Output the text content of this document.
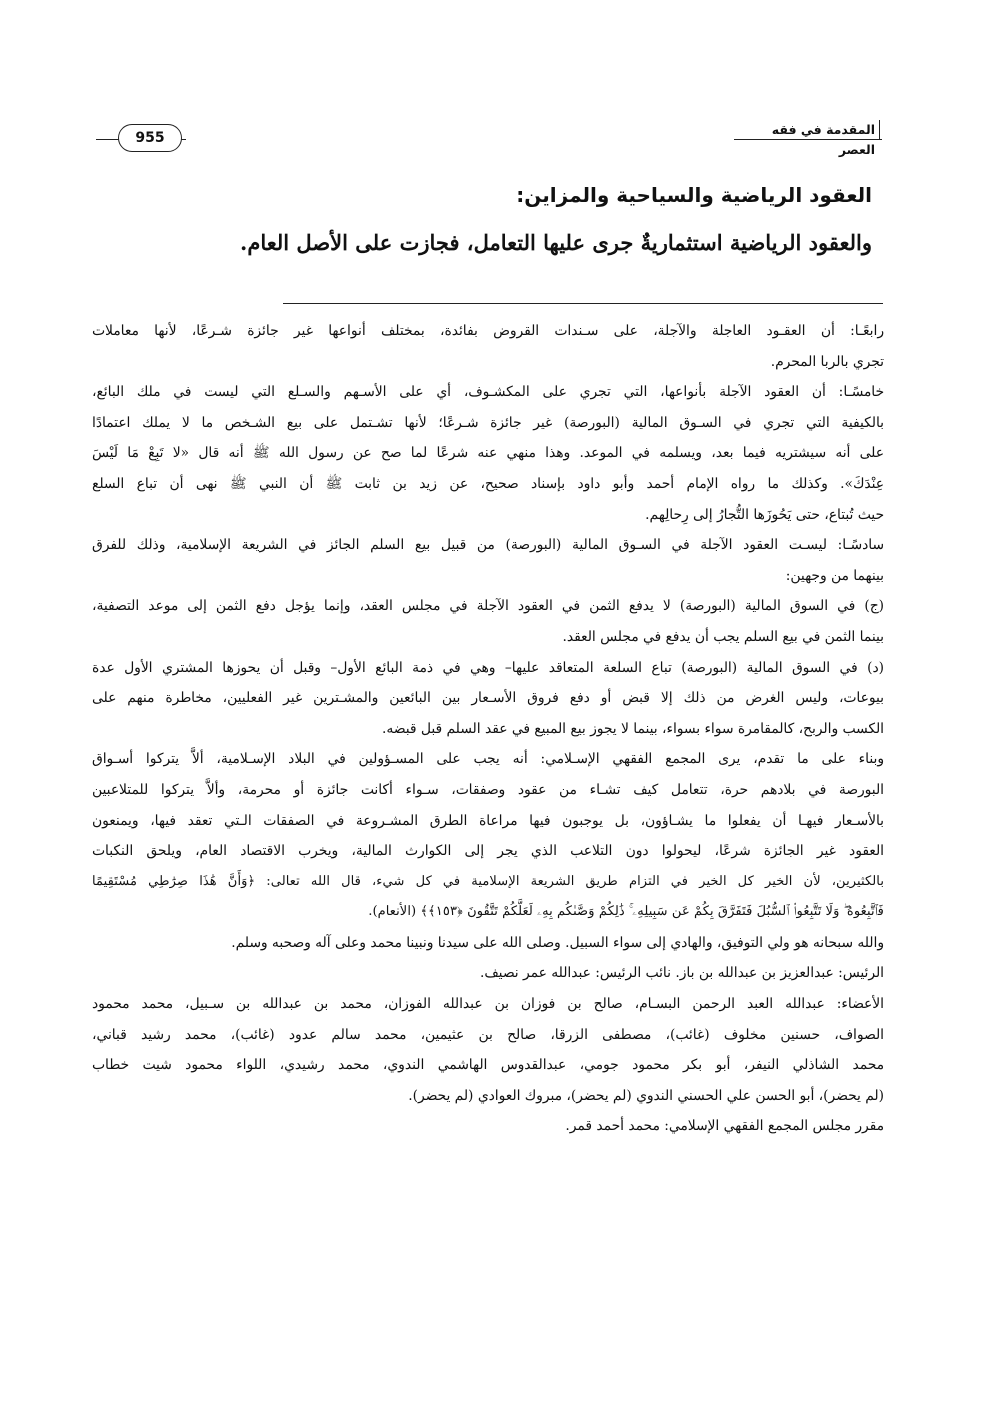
955
المقدمة في فقه العصر
العقود الرياضية والسياحية والمزاين:
والعقود الرياضية استثماريةٌ جرى عليها التعامل، فجازت على الأصل العام.
رابعًـا: أن العقـود العاجلة والآجلة، على سـندات القروض بفائدة، بمختلف أنواعها غير جائزة شـرعًا، لأنها معاملات
تجري بالربا المحرم.
خامسًـا: أن العقود الآجلة بأنواعها، التي تجري على المكشـوف، أي على الأسـهم والسـلع التي ليست في ملك البائع،
بالكيفية التي تجري في السـوق المالية (البورصة) غير جائزة شـرعًا؛ لأنها تشـتمل على بيع الشـخص ما لا يملك اعتمادًا
على أنه سيشتريه فيما بعد، ويسلمه في الموعد. وهذا منهي عنه شرعًا لما صح عن رسول الله ﷺ أنه قال «لا تَبِعْ مَا لَيْسَ
عِنْدَكَ». وكذلك ما رواه الإمام أحمد وأبو داود بإسناد صحيح، عن زيد بن ثابت ﷺ أن النبي ﷺ نهى أن تباع السلع
حيث تُبتاع، حتى يَحُوزَها التُّجارُ إلى رِحالِهم.
سادسًـا: ليسـت العقود الآجلة في السـوق المالية (البورصة) من قبيل بيع السلم الجائز في الشريعة الإسلامية، وذلك للفرق
بينهما من وجهين:
(ج) في السوق المالية (البورصة) لا يدفع الثمن في العقود الآجلة في مجلس العقد، وإنما يؤجل دفع الثمن إلى موعد التصفية،
بينما الثمن في بيع السلم يجب أن يدفع في مجلس العقد.
(د) في السوق المالية (البورصة) تباع السلعة المتعاقد عليها– وهي في ذمة البائع الأول– وقبل أن يحوزها المشتري الأول عدة
بيوعات، وليس الغرض من ذلك إلا قبض أو دفع فروق الأسـعار بين البائعين والمشـترين غير الفعليين، مخاطرة منهم على
الكسب والربح، كالمقامرة سواء بسواء، بينما لا يجوز بيع المبيع في عقد السلم قبل قبضه.
وبناء على ما تقدم، يرى المجمع الفقهي الإسـلامي: أنه يجب على المسـؤولين في البلاد الإسـلامية، ألاَّ يتركوا أسـواق
البورصة في بلادهم حرة، تتعامل كيف تشـاء من عقود وصفقات، سـواء أكانت جائزة أو محرمة، وألاَّ يتركوا للمتلاعبين
بالأسـعار فيهـا أن يفعلوا ما يشـاؤون، بل يوجبون فيها مراعاة الطرق المشـروعة في الصفقات الـتي تعقد فيها، ويمنعون
العقود غير الجائزة شرعًا، ليحولوا دون التلاعب الذي يجر إلى الكوارث المالية، ويخرب الاقتصاد العام، ويلحق النكبات
بالكثيرين، لأن الخير كل الخير في التزام طريق الشريعة الإسلامية في كل شيء، قال الله تعالى: ﴿وَأَنَّ هَٰذَا صِرَٰطِي مُسْتَقِيمًا
فَٱتَّبِعُوهُ ۖ وَلَا تَتَّبِعُوا۟ ٱلسُّبُلَ فَتَفَرَّقَ بِكُمْ عَن سَبِيلِهِۦ ۚ ذَٰلِكُمْ وَصَّىٰكُم بِهِۦ لَعَلَّكُمْ تَتَّقُونَ ﴿١٥٣﴾﴾ (الأنعام).
والله سبحانه هو ولي التوفيق، والهادي إلى سواء السبيل. وصلى الله على سيدنا ونبينا محمد وعلى آله وصحبه وسلم.
الرئيس: عبدالعزيز بن عبدالله بن باز. نائب الرئيس: عبدالله عمر نصيف.
الأعضاء: عبدالله العبد الرحمن البسـام، صالح بن فوزان بن عبدالله الفوزان، محمد بن عبدالله بن سـبيل، محمد محمود
الصواف، حسنين مخلوف (غائب)، مصطفى الزرقا، صالح بن عثيمين، محمد سالم عدود (غائب)، محمد رشيد قباني،
محمد الشاذلي النيفر، أبو بكر محمود جومي، عبدالقدوس الهاشمي الندوي، محمد رشيدي، اللواء محمود شيت خطاب
(لم يحضر)، أبو الحسن علي الحسني الندوي (لم يحضر)، مبروك العوادي (لم يحضر).
مقرر مجلس المجمع الفقهي الإسلامي: محمد أحمد قمر.
